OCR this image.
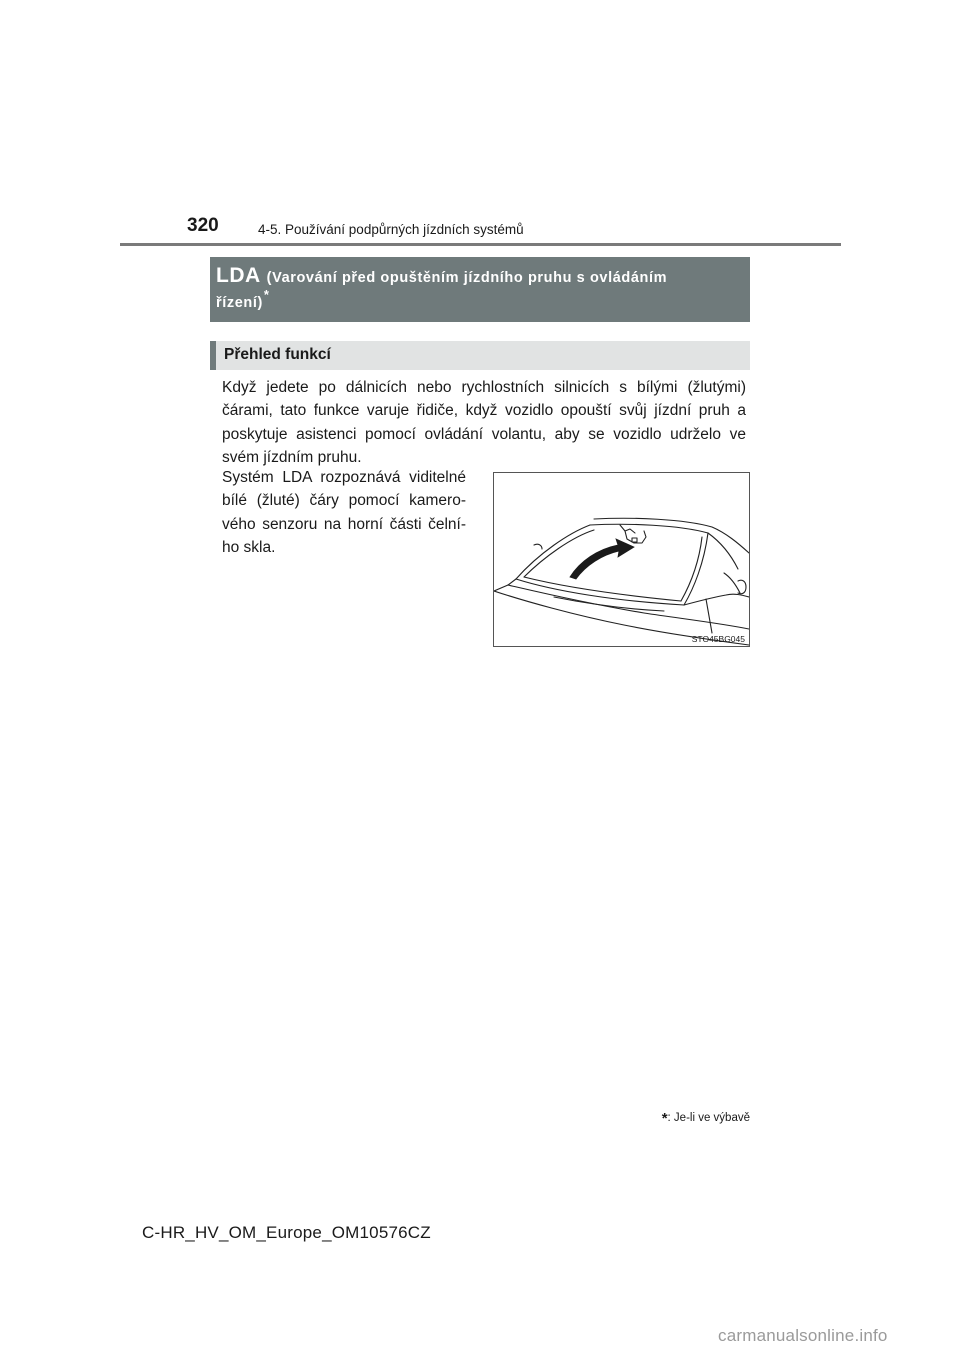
320	4-5. Používání podpůrných jízdních systémů
LDA (Varování před opuštěním jízdního pruhu s ovládáním
řízení)*
Přehled funkcí

Když jedete po dálnicích nebo rychlostních silnicích s bílými (žlutými) čárami, tato funkce varuje řidiče, když vozidlo opouští svůj jízdní pruh a poskytuje asistenci pomocí ovládání volantu, aby se vozidlo udrželo ve svém jízdním pruhu.

Systém LDA rozpoznává viditelné bílé (žluté) čáry pomocí kamero-vého senzoru na horní části čelní-ho skla.

STO45BG045
*: Je-li ve výbavě
C-HR_HV_OM_Europe_OM10576CZ
carmanualsonline.info
